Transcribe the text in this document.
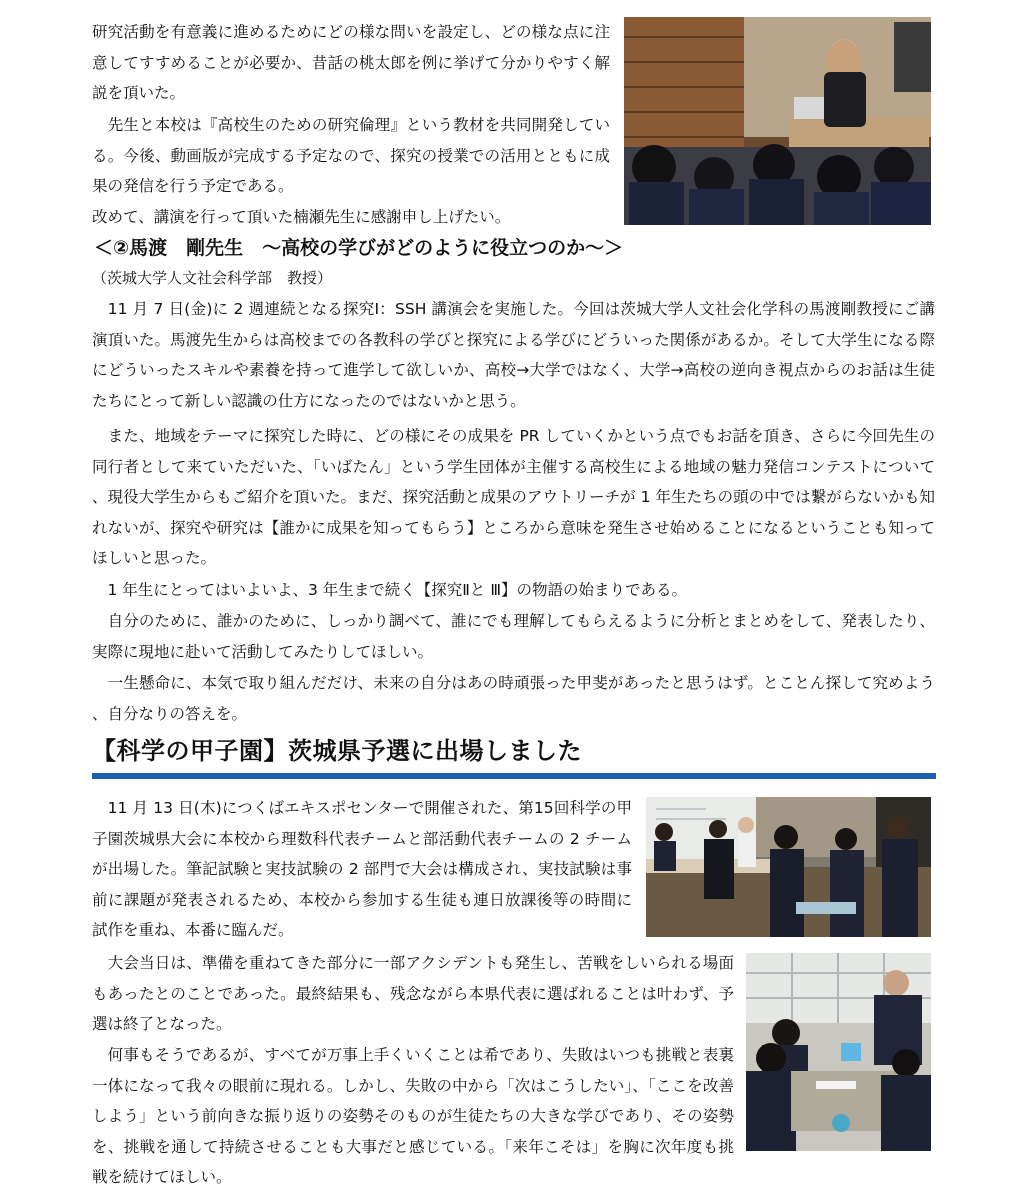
研究活動を有意義に進めるためにどの様な問いを設定し、どの様な点に注意してすすめることが必要か、昔話の桃太郎を例に挙げて分かりやすく解説を頂いた。

　先生と本校は『高校生のための研究倫理』という教材を共同開発している。今後、動画版が完成する予定なので、探究の授業での活用とともに成果の発信を行う予定である。

改めて、講演を行って頂いた楠瀬先生に感謝申し上げたい。

＜②馬渡　剛先生　～高校の学びがどのように役立つのか～＞

（茨城大学人文社会科学部　教授）

　11 月 7 日(金)に 2 週連続となる探究Ⅰ：SSH 講演会を実施した。今回は茨城大学人文社会化学科の馬渡剛教授にご講演頂いた。馬渡先生からは高校までの各教科の学びと探究による学びにどういった関係があるか。そして大学生になる際にどういったスキルや素養を持って進学して欲しいか、高校→大学ではなく、大学→高校の逆向き視点からのお話は生徒たちにとって新しい認識の仕方になったのではないかと思う。

　また、地域をテーマに探究した時に、どの様にその成果を PR していくかという点でもお話を頂き、さらに今回先生の同行者として来ていただいた、「いばたん」という学生団体が主催する高校生による地域の魅力発信コンテストについて、現役大学生からもご紹介を頂いた。まだ、探究活動と成果のアウトリーチが 1 年生たちの頭の中では繋がらないかも知れないが、探究や研究は【誰かに成果を知ってもらう】ところから意味を発生させ始めることになるということも知ってほしいと思った。

　1 年生にとってはいよいよ、3 年生まで続く【探究Ⅱと Ⅲ】の物語の始まりである。

　自分のために、誰かのために、しっかり調べて、誰にでも理解してもらえるように分析とまとめをして、発表したり、実際に現地に赴いて活動してみたりしてほしい。

　一生懸命に、本気で取り組んだだけ、未来の自分はあの時頑張った甲斐があったと思うはず。とことん探して究めよう、自分なりの答えを。

【科学の甲子園】茨城県予選に出場しました

　11 月 13 日(木)につくばエキスポセンターで開催された、第15回科学の甲子園茨城県大会に本校から理数科代表チームと部活動代表チームの 2 チームが出場した。筆記試験と実技試験の 2 部門で大会は構成され、実技試験は事前に課題が発表されるため、本校から参加する生徒も連日放課後等の時間に試作を重ね、本番に臨んだ。

　大会当日は、準備を重ねてきた部分に一部アクシデントも発生し、苦戦をしいられる場面もあったとのことであった。最終結果も、残念ながら本県代表に選ばれることは叶わず、予選は終了となった。

　何事もそうであるが、すべてが万事上手くいくことは希であり、失敗はいつも挑戦と表裏一体になって我々の眼前に現れる。しかし、失敗の中から「次はこうしたい」、「ここを改善しよう」という前向きな振り返りの姿勢そのものが生徒たちの大きな学びであり、その姿勢を、挑戦を通して持続させることも大事だと感じている。「来年こそは」を胸に次年度も挑戦を続けてほしい。
